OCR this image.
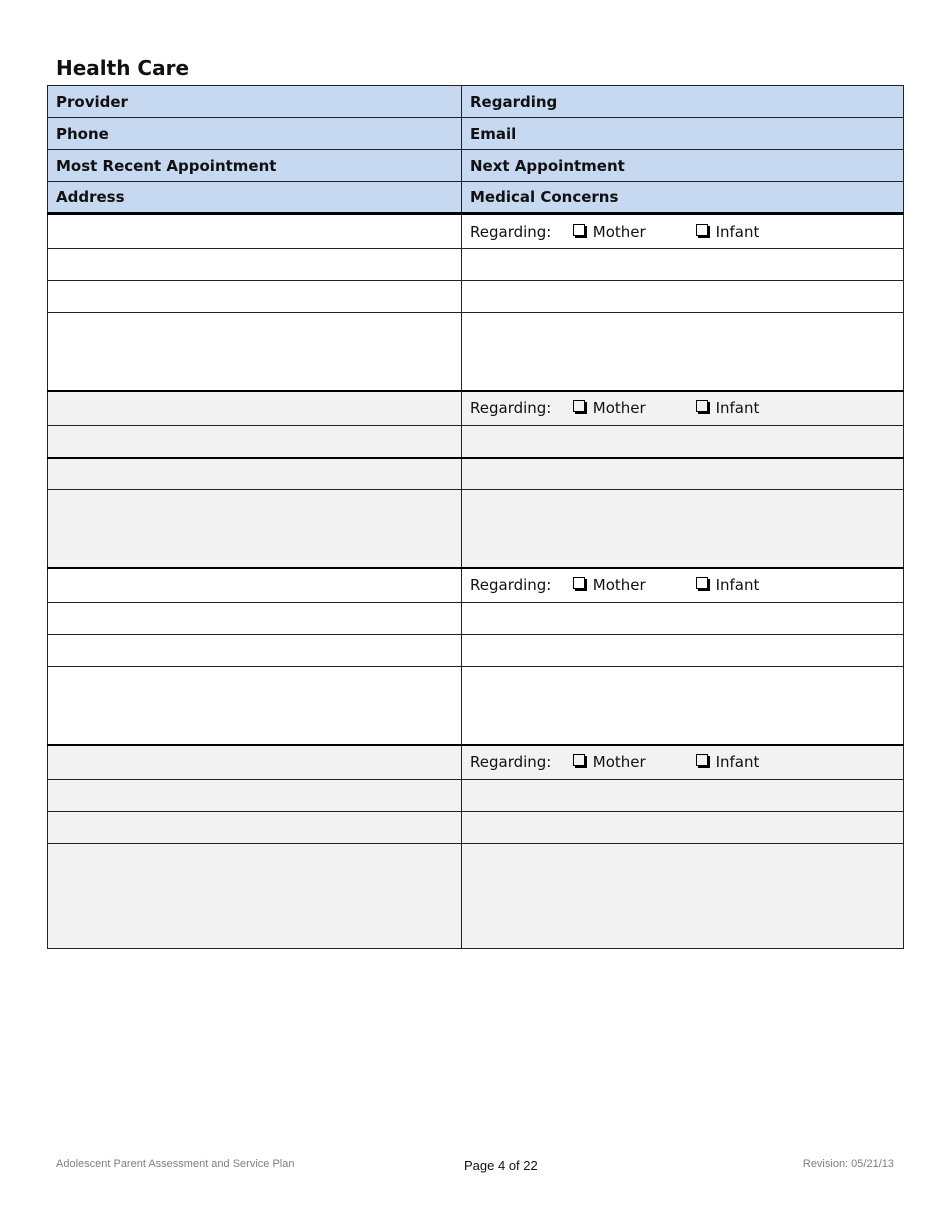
Health Care
Provider	Regarding
Phone	Email
Most Recent Appointment	Next Appointment
Address	Medical Concerns
	Regarding: Mother Infant

	Regarding: Mother Infant

	Regarding: Mother Infant

	Regarding: Mother Infant

Adolescent Parent Assessment and Service Plan	Page 4 of 22	Revision: 05/21/13
